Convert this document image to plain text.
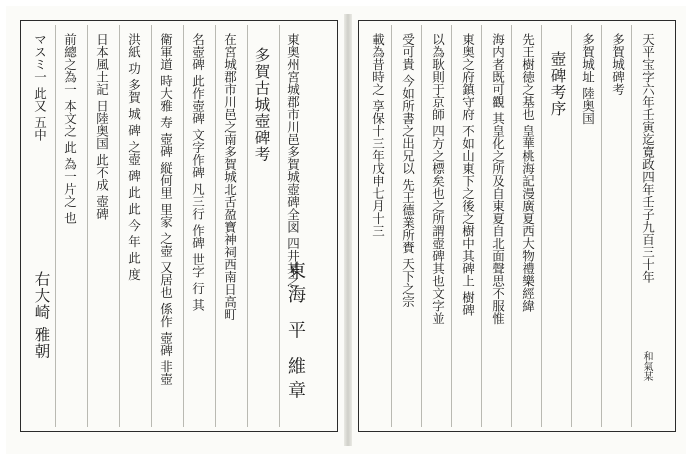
東奥州宮城郡市川邑多賀城壺碑全図 四井某之
多賀古城壺碑考
在宮城郡市川邑之南多賀城北舌盈寶神祠西南日高町
名壺碑 此作壺碑 文字作碑 凡三行 作碑 世字 行 其
衛軍道 時大雅 寿 壺碑 縦何里 里家 之壺 又居也 係作 壺碑 非壺
洪紙 功 多賀 城 碑 之壺 碑 此 此 今 年 此 度
日本風土記 日陸奥国 此不成 壺碑
前總之為一 本文之 此 為一片之 也
マスミ一 此又 五中
東海 平 維章
右大崎 雅朝
天平宝字六年壬寅迄寛政四年壬子九百三十年
多賀城碑考
多賀城址 陸奥国
壺碑考序
先王樹徳之基也 皇華桃海記漫廣夏西大物禮樂經緯
海内者既可觀 其皇化之所及自東夏自北面聲思不服惟
東奥之府鎮守府 不如山東下之後之樹中其碑上 樹碑
以為耿則于京師 四方之標矣也之所謂壺碑其也文字並
受可貴 今如所書之出兄以 先王德業所賚 天下之宗
載為昔時之 享保十三年戊申七月十三
和氣某
